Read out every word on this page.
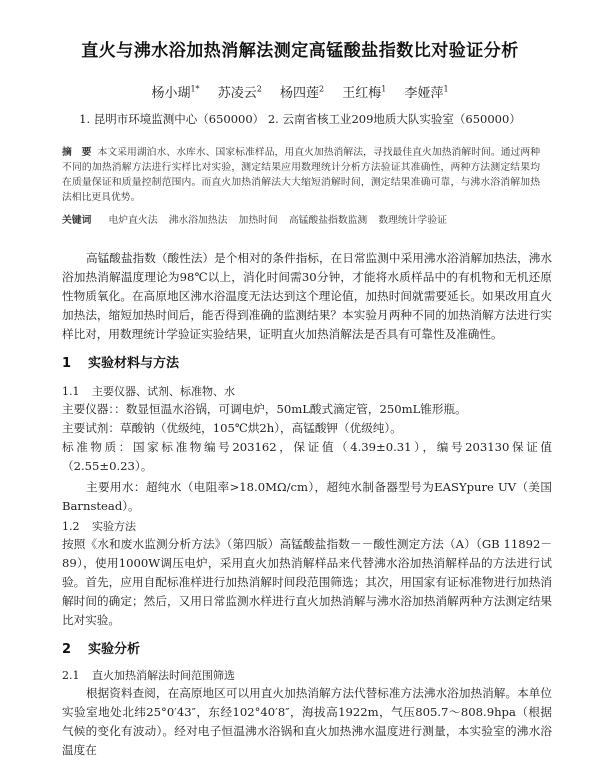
直火与沸水浴加热消解法测定高锰酸盐指数比对验证分析
杨小瑚$^{1*}$ 苏凌云$^2$ 杨四莲$^2$ 王红梅$^1$ 李娅萍$^1$
1. 昆明市环境监测中心（650000） 2. 云南省核工业209地质大队实验室（650000）
摘　要 本文采用湖泊水、水库水、国家标准样品，用直火加热消解法，寻找最佳直火加热消解时间。通过两种不同的加热消解方法进行实样比对实验，测定结果应用数理统计分析方法验证其准确性，两种方法测定结果均在质量保证和质量控制范围内。而直火加热消解法大大缩短消解时间，测定结果准确可靠，与沸水浴消解加热法相比更具优势。
关键词 电炉直火法 沸水浴加热法 加热时间 高锰酸盐指数监测 数理统计学验证
高锰酸盐指数（酸性法）是个相对的条件指标，在日常监测中采用沸水浴消解加热法，沸水浴加热消解温度理论为98℃以上，消化时间需30分钟，才能将水质样品中的有机物和无机还原性物质氧化。在高原地区沸水浴温度无法达到这个理论值，加热时间就需要延长。如果改用直火加热法，缩短加热时间后，能否得到准确的监测结果？本实验月两种不同的加热消解方法进行实样比对，用数理统计学验证实验结果，证明直火加热消解法是否具有可靠性及准确性。
1 实验材料与方法
1.1 主要仪器、试剂、标准物、水
主要仪器：：数显恒温水浴锅，可调电炉，50mL酸式滴定管，250mL锥形瓶。
主要试剂：草酸钠（优级纯，105℃烘2h），高锰酸钾（优级纯）。
标准物质：国家标准物编号203162，保证值（4.39±0.31），编号203130保证值（2.55±0.23）。
主要用水：超纯水（电阻率>18.0MΩ/cm），超纯水制备器型号为EASYpure UV（美国Barnstead）。
1.2 实验方法
按照《水和废水监测分析方法》（第四版）高锰酸盐指数－－酸性测定方法（A）（GB 11892－89），使用1000W调压电炉，采用直火加热消解样品来代替沸水浴加热消解样品的方法进行试验。首先，应用自配标准样进行加热消解时间段范围筛选；其次，用国家有证标准物进行加热消解时间的确定；然后，又用日常监测水样进行直火加热消解与沸水浴加热消解两种方法测定结果比对实验。
2 实验分析
2.1 直火加热消解法时间范围筛选
根据资料查阅，在高原地区可以用直火加热消解方法代替标准方法沸水浴加热消解。本单位实验室地处北纬25°0′43″，东经102°40′8″，海拔高1922m，气压805.7～808.9hpa（根据气候的变化有波动）。经对电子恒温沸水浴锅和直火加热沸水温度进行测量，本实验室的沸水浴温度在
